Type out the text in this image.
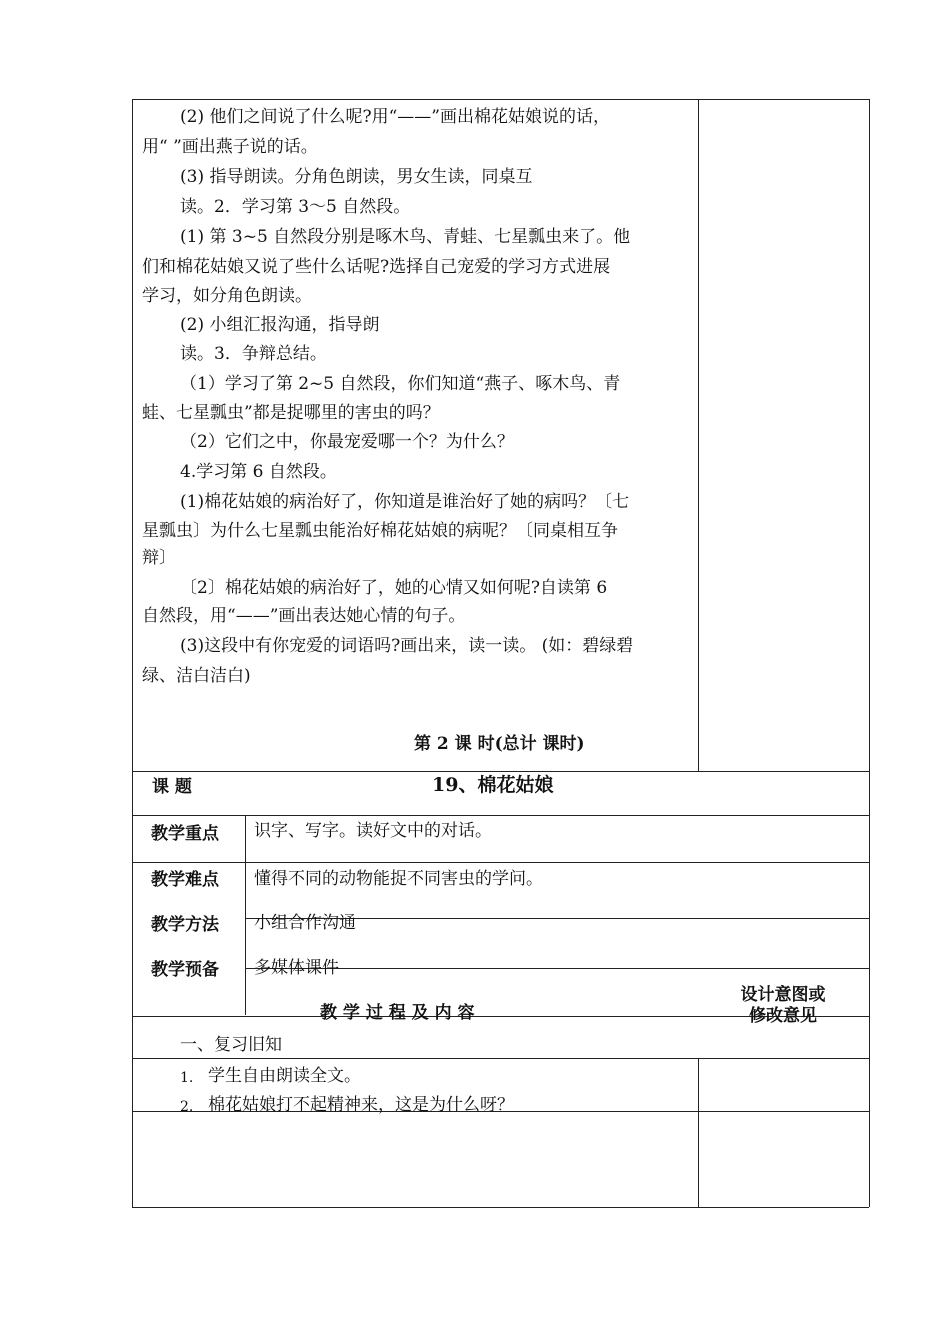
(2) 他们之间说了什么呢?用“——”画出棉花姑娘说的话，
用“ ”画出燕子说的话。
(3) 指导朗读。分角色朗读，男女生读，同桌互
读。2．学习第 3～5 自然段。
(1) 第 3~5 自然段分别是啄木鸟、青蛙、七星瓢虫来了。他
们和棉花姑娘又说了些什么话呢?选择自己宠爱的学习方式进展
学习，如分角色朗读。
(2) 小组汇报沟通，指导朗
读。3．争辩总结。
（1）学习了第 2~5 自然段，你们知道“燕子、啄木鸟、青
蛙、七星瓢虫”都是捉哪里的害虫的吗？
（2）它们之中，你最宠爱哪一个？为什么？
4.学习第 6 自然段。
(1)棉花姑娘的病治好了，你知道是谁治好了她的病吗？〔七
星瓢虫〕为什么七星瓢虫能治好棉花姑娘的病呢？〔同桌相互争
辩〕
〔2〕棉花姑娘的病治好了，她的心情又如何呢?自读第 6
自然段，用“——”画出表达她心情的句子。
(3)这段中有你宠爱的词语吗?画出来，读一读。 (如：碧绿碧
绿、洁白洁白)
第 2 课 时(总计 课时)
课 题	19、棉花姑娘
教学重点 识字、写字。读好文中的对话。
教学难点 懂得不同的动物能捉不同害虫的学问。
教学方法 小组合作沟通
教学预备 多媒体课件
教 学 过 程 及 内 容
设计意图或
修改意见
一、复习旧知
1. 学生自由朗读全文。
2. 棉花姑娘打不起精神来，这是为什么呀？
